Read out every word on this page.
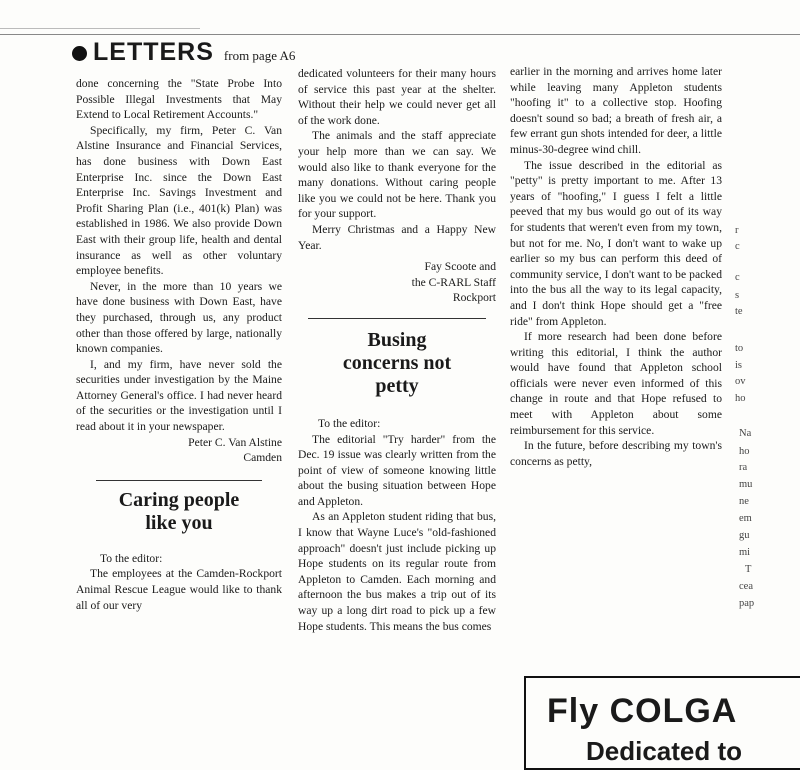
LETTERS from page A6

done concerning the "State Probe Into Possible Illegal Investments that May Extend to Local Retirement Accounts."

Specifically, my firm, Peter C. Van Alstine Insurance and Financial Services, has done business with Down East Enterprise Inc. since the Down East Enterprise Inc. Savings Investment and Profit Sharing Plan (i.e., 401(k) Plan) was established in 1986. We also provide Down East with their group life, health and dental insurance as well as other voluntary employee benefits.

Never, in the more than 10 years we have done business with Down East, have they purchased, through us, any product other than those offered by large, nationally known companies.

I, and my firm, have never sold the securities under investigation by the Maine Attorney General's office. I had never heard of the securities or the investigation until I read about it in your newspaper.

Peter C. Van Alstine

Camden

Caring people like you

To the editor:

The employees at the Camden-Rockport Animal Rescue League would like to thank all of our very

dedicated volunteers for their many hours of service this past year at the shelter. Without their help we could never get all of the work done.

The animals and the staff appreciate your help more than we can say. We would also like to thank everyone for the many donations. Without caring people like you we could not be here. Thank you for your support.

Merry Christmas and a Happy New Year.

Fay Scoote and

the C-RARL Staff

Rockport

Busing concerns not petty

To the editor:

The editorial "Try harder" from the Dec. 19 issue was clearly written from the point of view of someone knowing little about the busing situation between Hope and Appleton.

As an Appleton student riding that bus, I know that Wayne Luce's "old-fashioned approach" doesn't just include picking up Hope students on its regular route from Appleton to Camden. Each morning and afternoon the bus makes a trip out of its way up a long dirt road to pick up a few Hope students. This means the bus comes

earlier in the morning and arrives home later while leaving many Appleton students "hoofing it" to a collective stop. Hoofing doesn't sound so bad; a breath of fresh air, a few errant gun shots intended for deer, a little minus-30-degree wind chill.

The issue described in the editorial as "petty" is pretty important to me. After 13 years of "hoofing," I guess I felt a little peeved that my bus would go out of its way for students that weren't even from my town, but not for me. No, I don't want to wake up earlier so my bus can perform this deed of community service, I don't want to be packed into the bus all the way to its legal capacity, and I don't think Hope should get a "free ride" from Appleton.

If more research had been done before writing this editorial, I think the author would have found that Appleton school officials were never even informed of this change in route and that Hope refused to meet with Appleton about some reimbursement for this service.

In the future, before describing my town's concerns as petty,

r
c
c
s
te
to
is
ov
ho
Na
ho
ra
mu
ne
em
gu
mi
T
cea
pap
Fly COLGA
Dedicated to
